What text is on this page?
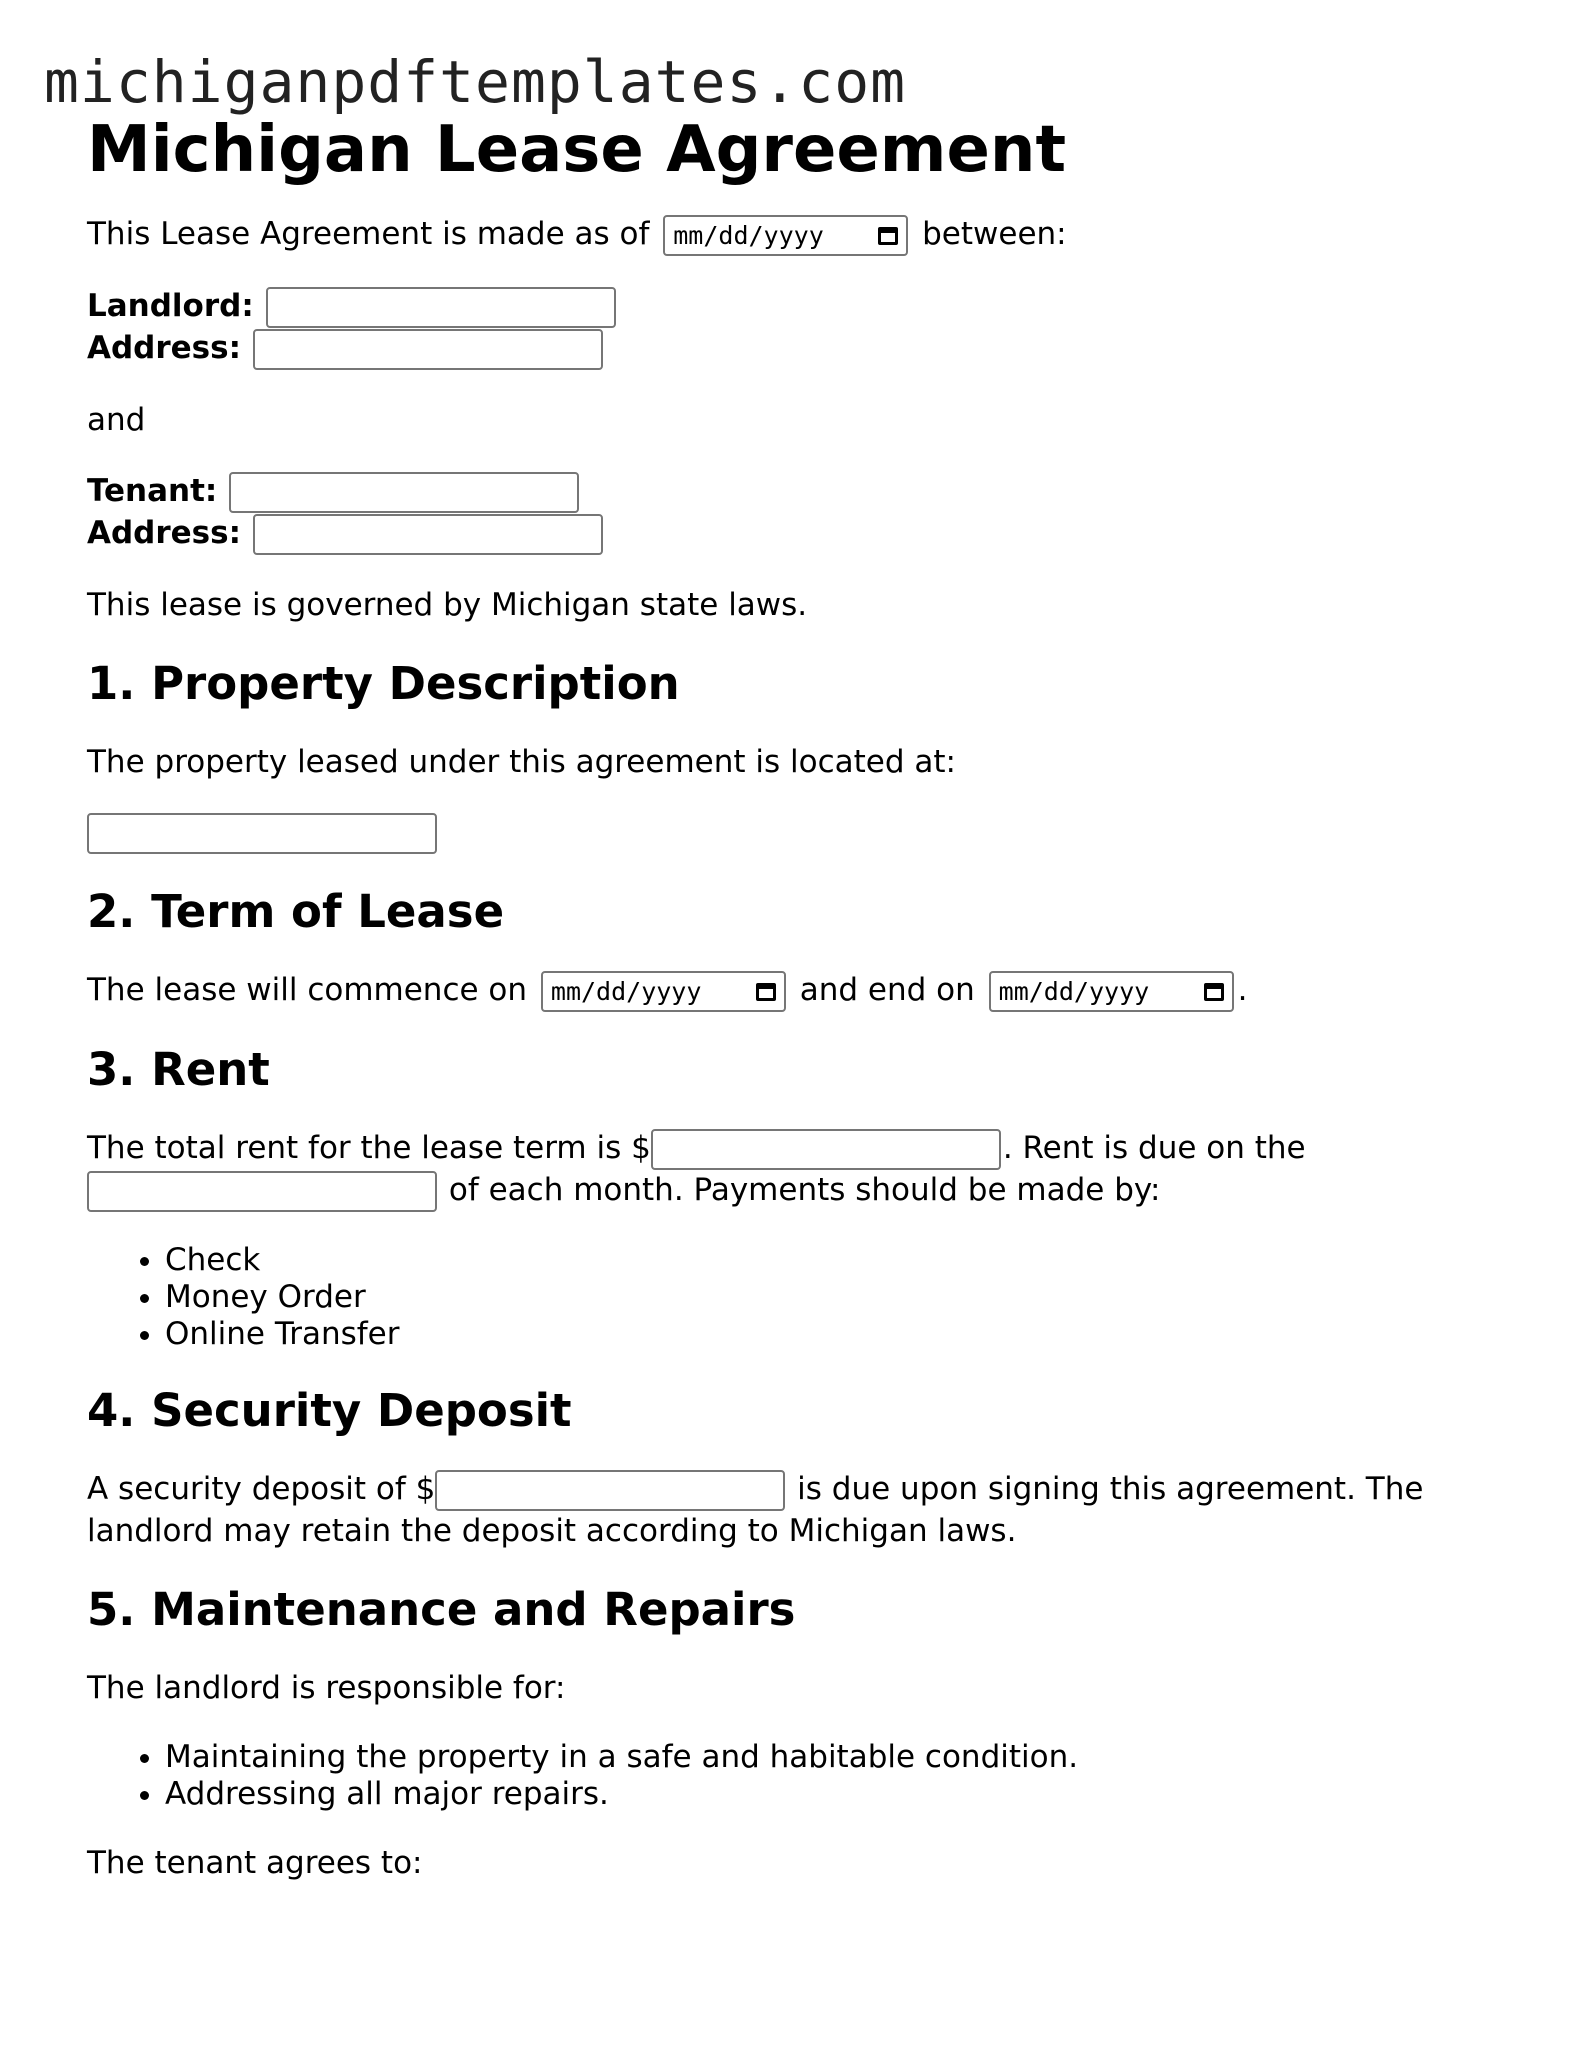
michiganpdftemplates.com
Michigan Lease Agreement

This Lease Agreement is made as of mm/dd/yyyy	between:

Landlord:
Address:

and

Tenant:
Address:

This lease is governed by Michigan state laws.

1. Property Description

The property leased under this agreement is located at:

2. Term of Lease

The lease will commence on mm/dd/yyyy	and end on mm/dd/yyyy	.

3. Rent

The total rent for the lease term is $	. Rent is due on the
of each month. Payments should be made by:

• Check
• Money Order
• Online Transfer
4. Security Deposit

A security deposit of $	is due upon signing this agreement. The landlord may retain the deposit according to Michigan laws.

5. Maintenance and Repairs

The landlord is responsible for:

• Maintaining the property in a safe and habitable condition.
• Addressing all major repairs.

The tenant agrees to:
